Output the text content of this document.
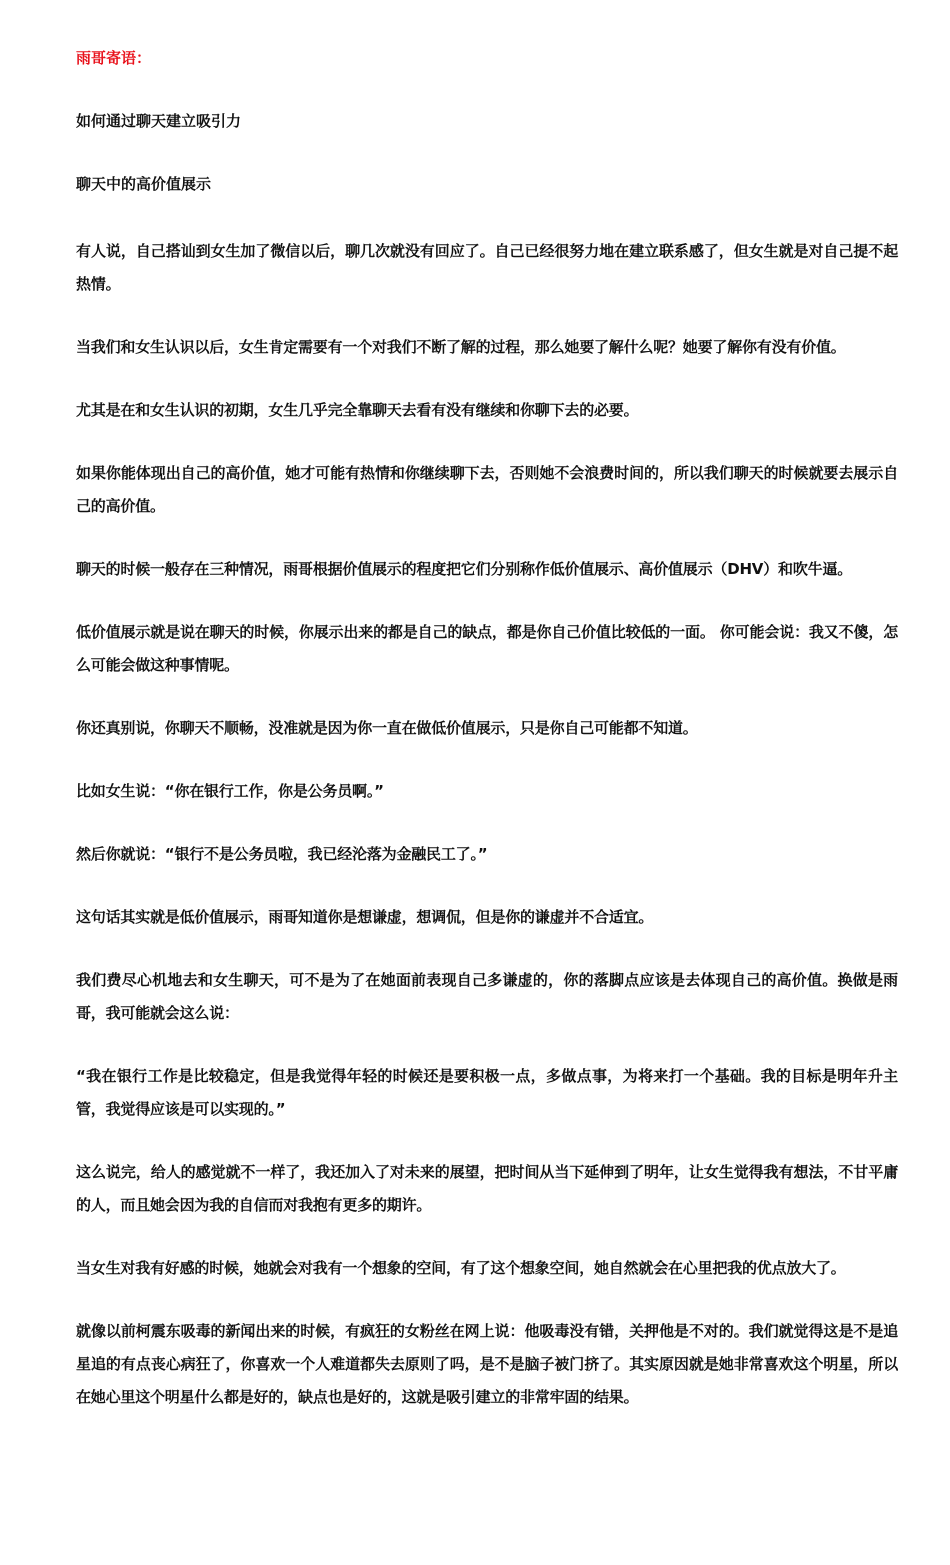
雨哥寄语：
如何通过聊天建立吸引力
聊天中的高价值展示

有人说，自己搭讪到女生加了微信以后，聊几次就没有回应了。自己已经很努力地在建立联系感了，但女生就是对自己提不起热情。

当我们和女生认识以后，女生肯定需要有一个对我们不断了解的过程，那么她要了解什么呢？她要了解你有没有价值。

尤其是在和女生认识的初期，女生几乎完全靠聊天去看有没有继续和你聊下去的必要。

如果你能体现出自己的高价值，她才可能有热情和你继续聊下去，否则她不会浪费时间的，所以我们聊天的时候就要去展示自己的高价值。

聊天的时候一般存在三种情况，雨哥根据价值展示的程度把它们分别称作低价值展示、高价值展示（DHV）和吹牛逼。

低价值展示就是说在聊天的时候，你展示出来的都是自己的缺点，都是你自己价值比较低的一面。 你可能会说：我又不傻，怎么可能会做这种事情呢。

你还真别说，你聊天不顺畅，没准就是因为你一直在做低价值展示，只是你自己可能都不知道。

比如女生说：“你在银行工作，你是公务员啊。”

然后你就说：“银行不是公务员啦，我已经沦落为金融民工了。”

这句话其实就是低价值展示，雨哥知道你是想谦虚，想调侃，但是你的谦虚并不合适宜。

我们费尽心机地去和女生聊天，可不是为了在她面前表现自己多谦虚的，你的落脚点应该是去体现自己的高价值。换做是雨哥，我可能就会这么说：

“我在银行工作是比较稳定，但是我觉得年轻的时候还是要积极一点，多做点事，为将来打一个基础。我的目标是明年升主管，我觉得应该是可以实现的。”

这么说完，给人的感觉就不一样了，我还加入了对未来的展望，把时间从当下延伸到了明年，让女生觉得我有想法，不甘平庸的人，而且她会因为我的自信而对我抱有更多的期许。

当女生对我有好感的时候，她就会对我有一个想象的空间，有了这个想象空间，她自然就会在心里把我的优点放大了。

就像以前柯震东吸毒的新闻出来的时候，有疯狂的女粉丝在网上说：他吸毒没有错，关押他是不对的。我们就觉得这是不是追星追的有点丧心病狂了，你喜欢一个人难道都失去原则了吗，是不是脑子被门挤了。其实原因就是她非常喜欢这个明星，所以在她心里这个明星什么都是好的，缺点也是好的，这就是吸引建立的非常牢固的结果。
